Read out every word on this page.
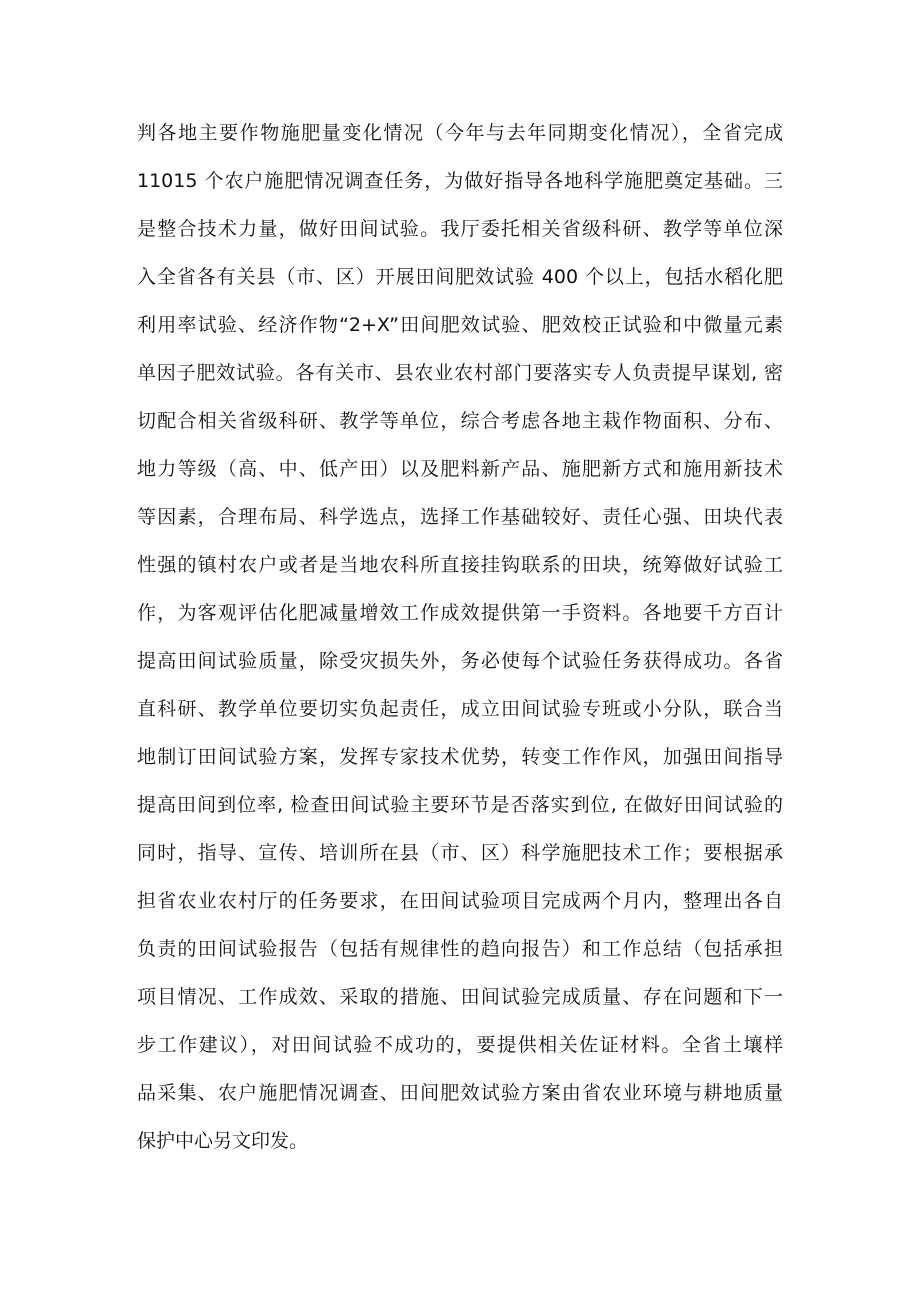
判各地主要作物施肥量变化情况（今年与去年同期变化情况），全省完成
11015 个农户施肥情况调查任务，为做好指导各地科学施肥奠定基础。三
是整合技术力量，做好田间试验。我厅委托相关省级科研、教学等单位深
入全省各有关县（市、区）开展田间肥效试验 400 个以上，包括水稻化肥
利用率试验、经济作物“2+X”田间肥效试验、肥效校正试验和中微量元素
单因子肥效试验。各有关市、县农业农村部门要落实专人负责提早谋划, 密
切配合相关省级科研、教学等单位，综合考虑各地主栽作物面积、分布、
地力等级（高、中、低产田）以及肥料新产品、施肥新方式和施用新技术
等因素，合理布局、科学选点，选择工作基础较好、责任心强、田块代表
性强的镇村农户或者是当地农科所直接挂钩联系的田块，统筹做好试验工
作，为客观评估化肥减量增效工作成效提供第一手资料。各地要千方百计
提高田间试验质量，除受灾损失外，务必使每个试验任务获得成功。各省
直科研、教学单位要切实负起责任，成立田间试验专班或小分队，联合当
地制订田间试验方案，发挥专家技术优势，转变工作作风，加强田间指导
提高田间到位率, 检查田间试验主要环节是否落实到位, 在做好田间试验的
同时，指导、宣传、培训所在县（市、区）科学施肥技术工作；要根据承
担省农业农村厅的任务要求，在田间试验项目完成两个月内，整理出各自
负责的田间试验报告（包括有规律性的趋向报告）和工作总结（包括承担
项目情况、工作成效、采取的措施、田间试验完成质量、存在问题和下一
步工作建议），对田间试验不成功的，要提供相关佐证材料。全省土壤样
品采集、农户施肥情况调查、田间肥效试验方案由省农业环境与耕地质量
保护中心另文印发。
